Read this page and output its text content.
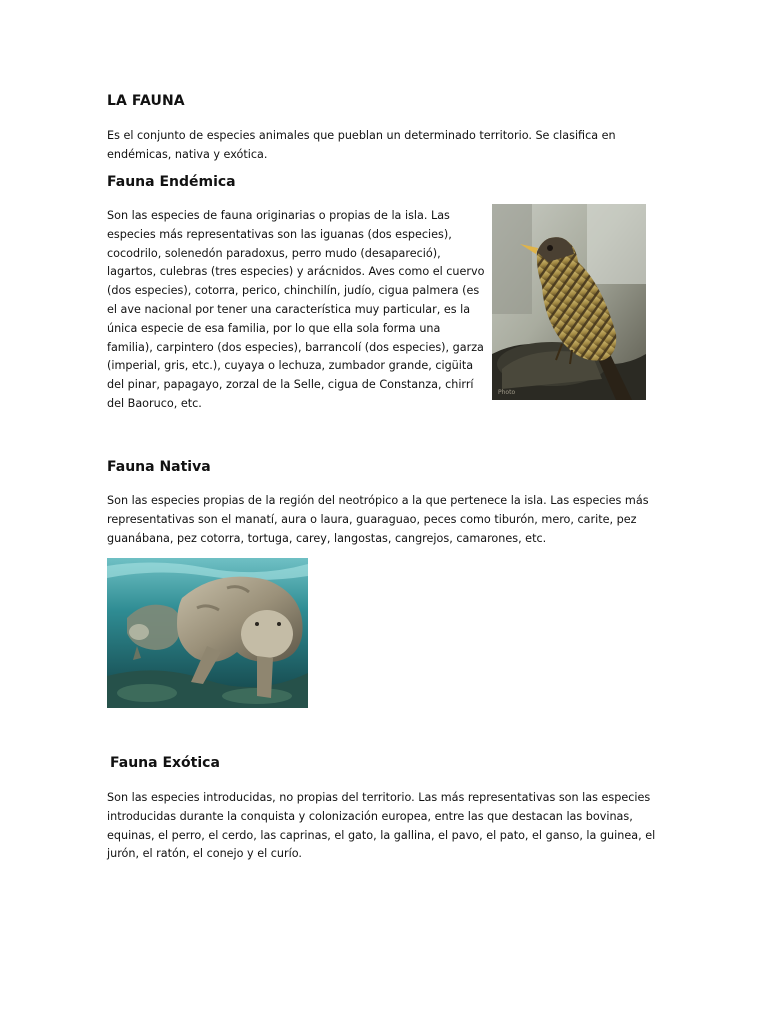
LA FAUNA
Es el conjunto de especies animales que pueblan un determinado territorio. Se clasifica en
endémicas, nativa y exótica.
Fauna Endémica
Son las especies de fauna originarias o propias de la isla. Las
especies más representativas son las iguanas (dos especies),
cocodrilo, solenedón paradoxus, perro mudo (desapareció),
lagartos, culebras (tres especies) y arácnidos. Aves como el cuervo
(dos especies), cotorra, perico, chinchilín, judío, cigua palmera (es
el ave nacional por tener una característica muy particular, es la
única especie de esa familia, por lo que ella sola forma una
familia), carpintero (dos especies), barrancolí (dos especies), garza
(imperial, gris, etc.), cuyaya o lechuza, zumbador grande, cigüita
del pinar, papagayo, zorzal de la Selle, cigua de Constanza, chirrí
del Baoruco, etc.
Photo
Fauna Nativa
Son las especies propias de la región del neotrópico a la que pertenece la isla. Las especies más
representativas son el manatí, aura o laura, guaraguao, peces como tiburón, mero, carite, pez
guanábana, pez cotorra, tortuga, carey, langostas, cangrejos, camarones, etc.
Fauna Exótica
Son las especies introducidas, no propias del territorio. Las más representativas son las especies
introducidas durante la conquista y colonización europea, entre las que destacan las bovinas,
equinas, el perro, el cerdo, las caprinas, el gato, la gallina, el pavo, el pato, el ganso, la guinea, el
jurón, el ratón, el conejo y el curío.
